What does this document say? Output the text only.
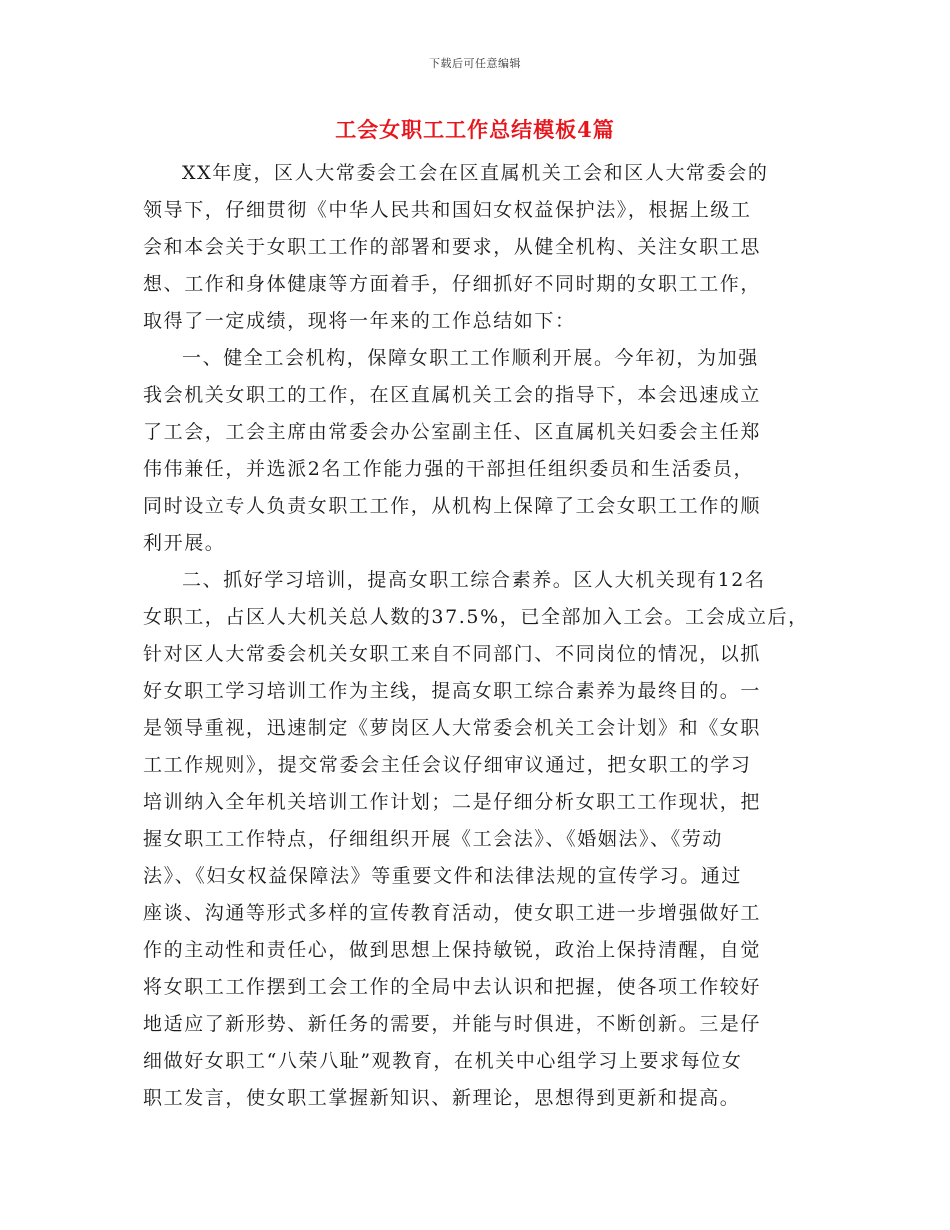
下载后可任意编辑
工会女职工工作总结模板4篇
XX年度，区人大常委会工会在区直属机关工会和区人大常委会的
领导下，仔细贯彻《中华人民共和国妇女权益保护法》，根据上级工
会和本会关于女职工工作的部署和要求，从健全机构、关注女职工思
想、工作和身体健康等方面着手，仔细抓好不同时期的女职工工作，
取得了一定成绩，现将一年来的工作总结如下：
一、健全工会机构，保障女职工工作顺利开展。今年初，为加强
我会机关女职工的工作，在区直属机关工会的指导下，本会迅速成立
了工会，工会主席由常委会办公室副主任、区直属机关妇委会主任郑
伟伟兼任，并选派2名工作能力强的干部担任组织委员和生活委员，
同时设立专人负责女职工工作，从机构上保障了工会女职工工作的顺
利开展。
二、抓好学习培训，提高女职工综合素养。区人大机关现有12名
女职工，占区人大机关总人数的37.5%，已全部加入工会。工会成立后，
针对区人大常委会机关女职工来自不同部门、不同岗位的情况，以抓
好女职工学习培训工作为主线，提高女职工综合素养为最终目的。一
是领导重视，迅速制定《萝岗区人大常委会机关工会计划》和《女职
工工作规则》，提交常委会主任会议仔细审议通过，把女职工的学习
培训纳入全年机关培训工作计划；二是仔细分析女职工工作现状，把
握女职工工作特点，仔细组织开展《工会法》、《婚姻法》、《劳动
法》、《妇女权益保障法》等重要文件和法律法规的宣传学习。通过
座谈、沟通等形式多样的宣传教育活动，使女职工进一步增强做好工
作的主动性和责任心，做到思想上保持敏锐，政治上保持清醒，自觉
将女职工工作摆到工会工作的全局中去认识和把握，使各项工作较好
地适应了新形势、新任务的需要，并能与时俱进，不断创新。三是仔
细做好女职工“八荣八耻”观教育，在机关中心组学习上要求每位女
职工发言，使女职工掌握新知识、新理论，思想得到更新和提高。
